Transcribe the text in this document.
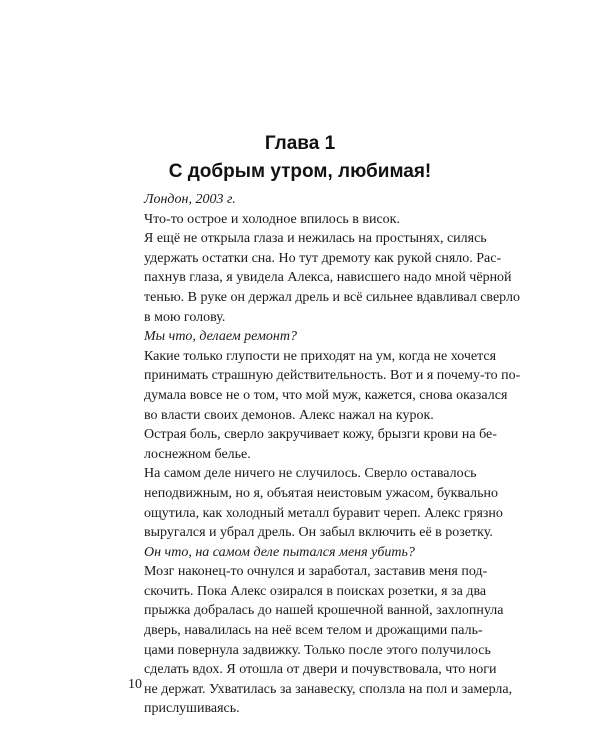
Глава 1
С добрым утром, любимая!

Лондон, 2003 г.

Что-то острое и холодное впилось в висок.

Я ещё не открыла глаза и нежилась на простынях, силясь
удержать остатки сна. Но тут дремоту как рукой сняло. Рас-
пахнув глаза, я увидела Алекса, нависшего надо мной чёрной
тенью. В руке он держал дрель и всё сильнее вдавливал сверло
в мою голову.

Мы что, делаем ремонт?

Какие только глупости не приходят на ум, когда не хочется
принимать страшную действительность. Вот и я почему-то по-
думала вовсе не о том, что мой муж, кажется, снова оказался
во власти своих демонов. Алекс нажал на курок.

Острая боль, сверло закручивает кожу, брызги крови на бе-
лоснежном белье.

На самом деле ничего не случилось. Сверло оставалось
неподвижным, но я, объятая неистовым ужасом, буквально
ощутила, как холодный металл буравит череп. Алекс грязно
выругался и убрал дрель. Он забыл включить её в розетку.

Он что, на самом деле пытался меня убить?

Мозг наконец-то очнулся и заработал, заставив меня под-
скочить. Пока Алекс озирался в поисках розетки, я за два
прыжка добралась до нашей крошечной ванной, захлопнула
дверь, навалилась на неё всем телом и дрожащими паль-
цами повернула задвижку. Только после этого получилось
сделать вдох. Я отошла от двери и почувствовала, что ноги
не держат. Ухватилась за занавеску, сползла на пол и замерла,
прислушиваясь.

10
